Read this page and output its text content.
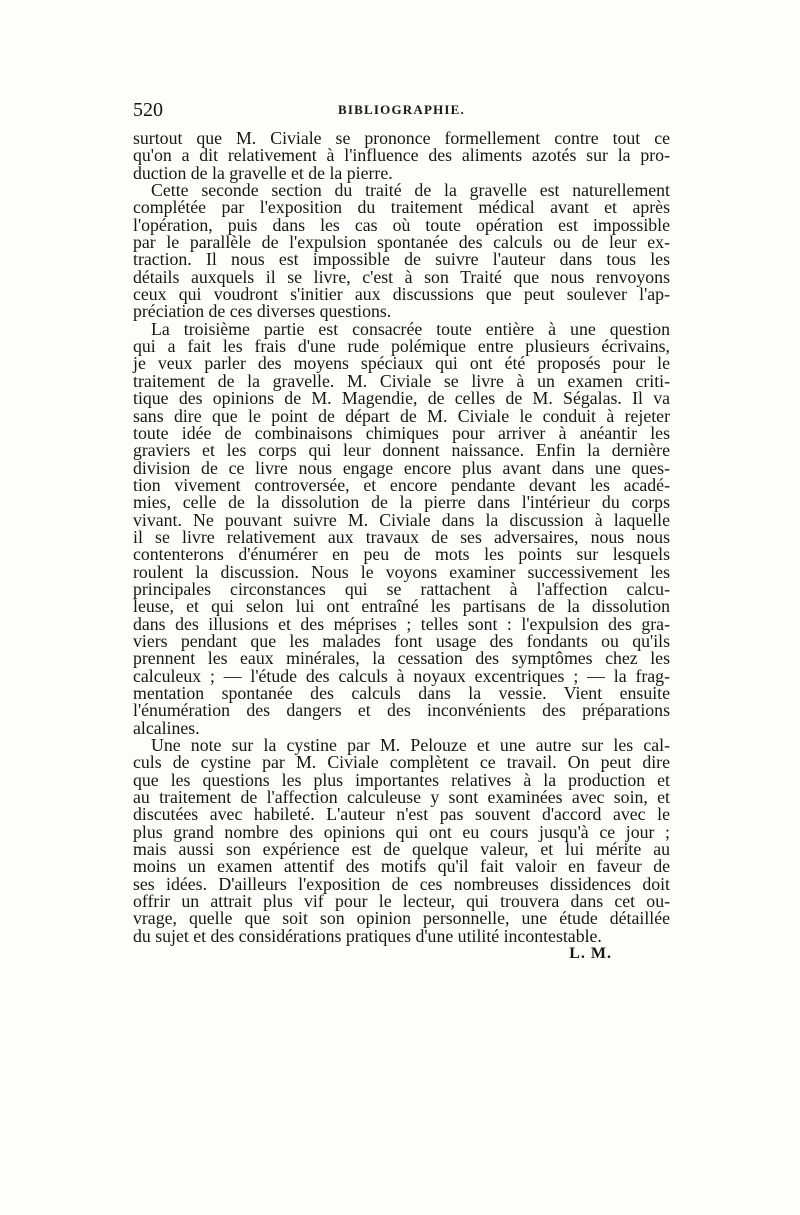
520	BIBLIOGRAPHIE.
surtout que M. Civiale se prononce formellement contre tout ce
qu'on a dit relativement à l'influence des aliments azotés sur la pro-
duction de la gravelle et de la pierre.
Cette seconde section du traité de la gravelle est naturellement
complétée par l'exposition du traitement médical avant et après
l'opération, puis dans les cas où toute opération est impossible
par le parallèle de l'expulsion spontanée des calculs ou de leur ex-
traction. Il nous est impossible de suivre l'auteur dans tous les
détails auxquels il se livre, c'est à son Traité que nous renvoyons
ceux qui voudront s'initier aux discussions que peut soulever l'ap-
préciation de ces diverses questions.
La troisième partie est consacrée toute entière à une question
qui a fait les frais d'une rude polémique entre plusieurs écrivains,
je veux parler des moyens spéciaux qui ont été proposés pour le
traitement de la gravelle. M. Civiale se livre à un examen criti-
tique des opinions de M. Magendie, de celles de M. Ségalas. Il va
sans dire que le point de départ de M. Civiale le conduit à rejeter
toute idée de combinaisons chimiques pour arriver à anéantir les
graviers et les corps qui leur donnent naissance. Enfin la dernière
division de ce livre nous engage encore plus avant dans une ques-
tion vivement controversée, et encore pendante devant les acadé-
mies, celle de la dissolution de la pierre dans l'intérieur du corps
vivant. Ne pouvant suivre M. Civiale dans la discussion à laquelle
il se livre relativement aux travaux de ses adversaires, nous nous
contenterons d'énumérer en peu de mots les points sur lesquels
roulent la discussion. Nous le voyons examiner successivement les
principales circonstances qui se rattachent à l'affection calcu-
leuse, et qui selon lui ont entraîné les partisans de la dissolution
dans des illusions et des méprises ; telles sont : l'expulsion des gra-
viers pendant que les malades font usage des fondants ou qu'ils
prennent les eaux minérales, la cessation des symptômes chez les
calculeux ; — l'étude des calculs à noyaux excentriques ; — la frag-
mentation spontanée des calculs dans la vessie. Vient ensuite
l'énumération des dangers et des inconvénients des préparations
alcalines.
Une note sur la cystine par M. Pelouze et une autre sur les cal-
culs de cystine par M. Civiale complètent ce travail. On peut dire
que les questions les plus importantes relatives à la production et
au traitement de l'affection calculeuse y sont examinées avec soin, et
discutées avec habileté. L'auteur n'est pas souvent d'accord avec le
plus grand nombre des opinions qui ont eu cours jusqu'à ce jour ;
mais aussi son expérience est de quelque valeur, et lui mérite au
moins un examen attentif des motifs qu'il fait valoir en faveur de
ses idées. D'ailleurs l'exposition de ces nombreuses dissidences doit
offrir un attrait plus vif pour le lecteur, qui trouvera dans cet ou-
vrage, quelle que soit son opinion personnelle, une étude détaillée
du sujet et des considérations pratiques d'une utilité incontestable.
L. M.
